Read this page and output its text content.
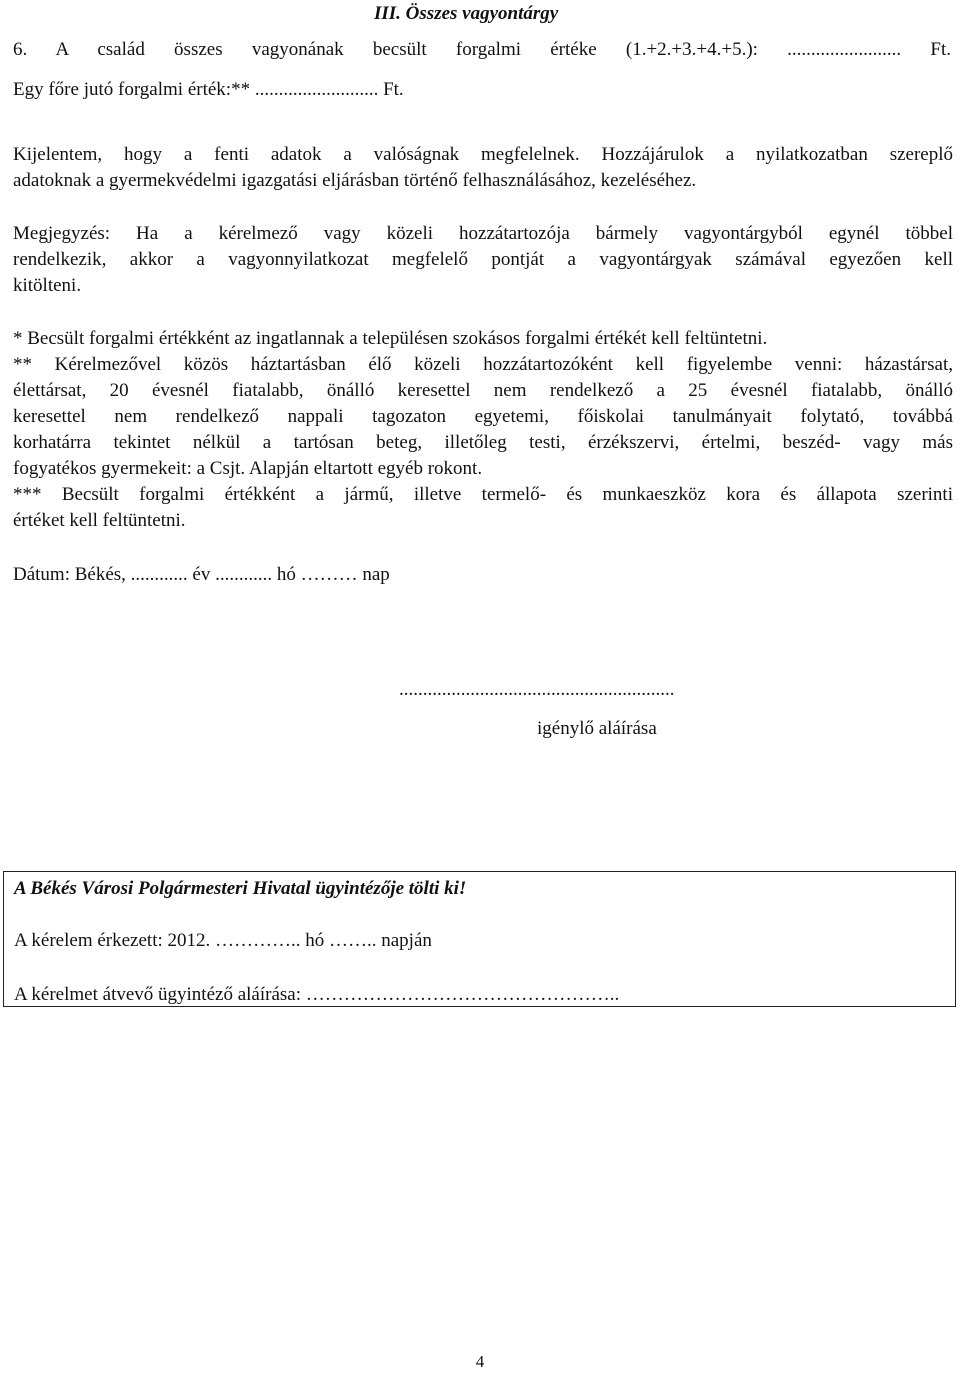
III. Összes vagyontárgy
6. A család összes vagyonának becsült forgalmi értéke (1.+2.+3.+4.+5.): ........................ Ft.
Egy főre jutó forgalmi érték:** .......................... Ft.
Kijelentem, hogy a fenti adatok a valóságnak megfelelnek. Hozzájárulok a nyilatkozatban szereplő
adatoknak a gyermekvédelmi igazgatási eljárásban történő felhasználásához, kezeléséhez.
Megjegyzés: Ha a kérelmező vagy közeli hozzátartozója bármely vagyontárgyból egynél többel
rendelkezik, akkor a vagyonnyilatkozat megfelelő pontját a vagyontárgyak számával egyezően kell
kitölteni.
* Becsült forgalmi értékként az ingatlannak a településen szokásos forgalmi értékét kell feltüntetni.
** Kérelmezővel közös háztartásban élő közeli hozzátartozóként kell figyelembe venni: házastársat,
élettársat, 20 évesnél fiatalabb, önálló keresettel nem rendelkező a 25 évesnél fiatalabb, önálló
keresettel nem rendelkező nappali tagozaton egyetemi, főiskolai tanulmányait folytató, továbbá
korhatárra tekintet nélkül a tartósan beteg, illetőleg testi, érzékszervi, értelmi, beszéd- vagy más
fogyatékos gyermekeit: a Csjt. Alapján eltartott egyéb rokont.
*** Becsült forgalmi értékként a jármű, illetve termelő- és munkaeszköz kora és állapota szerinti
értéket kell feltüntetni.
Dátum: Békés, ............ év ............ hó ……… nap
..........................................................
igénylő aláírása
A Békés Városi Polgármesteri Hivatal ügyintézője tölti ki!
A kérelem érkezett: 2012. ………….. hó …….. napján
A kérelmet átvevő ügyintéző aláírása: …………………………………………..
4
